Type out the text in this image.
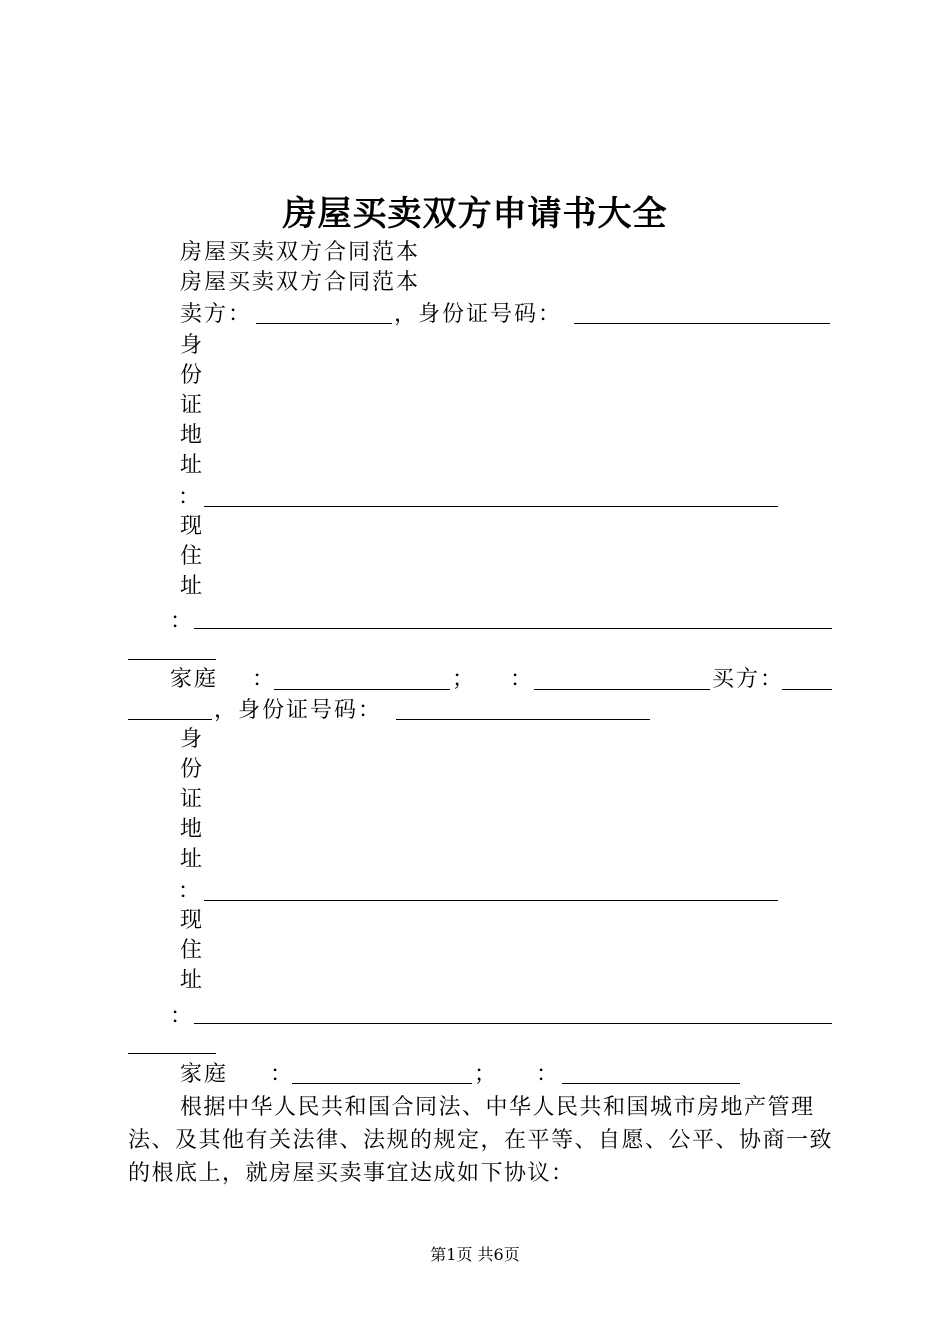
房屋买卖双方申请书大全
房屋买卖双方合同范本
房屋买卖双方合同范本
卖方：	，身份证号码：
身
份
证
地
址
：
现
住
址
：
家庭 ：	； ：	买方：
，身份证号码：
身
份
证
地
址
：
现
住
址
：
家庭 ：	； ：
根据中华人民共和国合同法、中华人民共和国城市房地产管理法、及其他有关法律、法规的规定，在平等、自愿、公平、协商一致的根底上，就房屋买卖事宜达成如下协议：
第1页 共6页
